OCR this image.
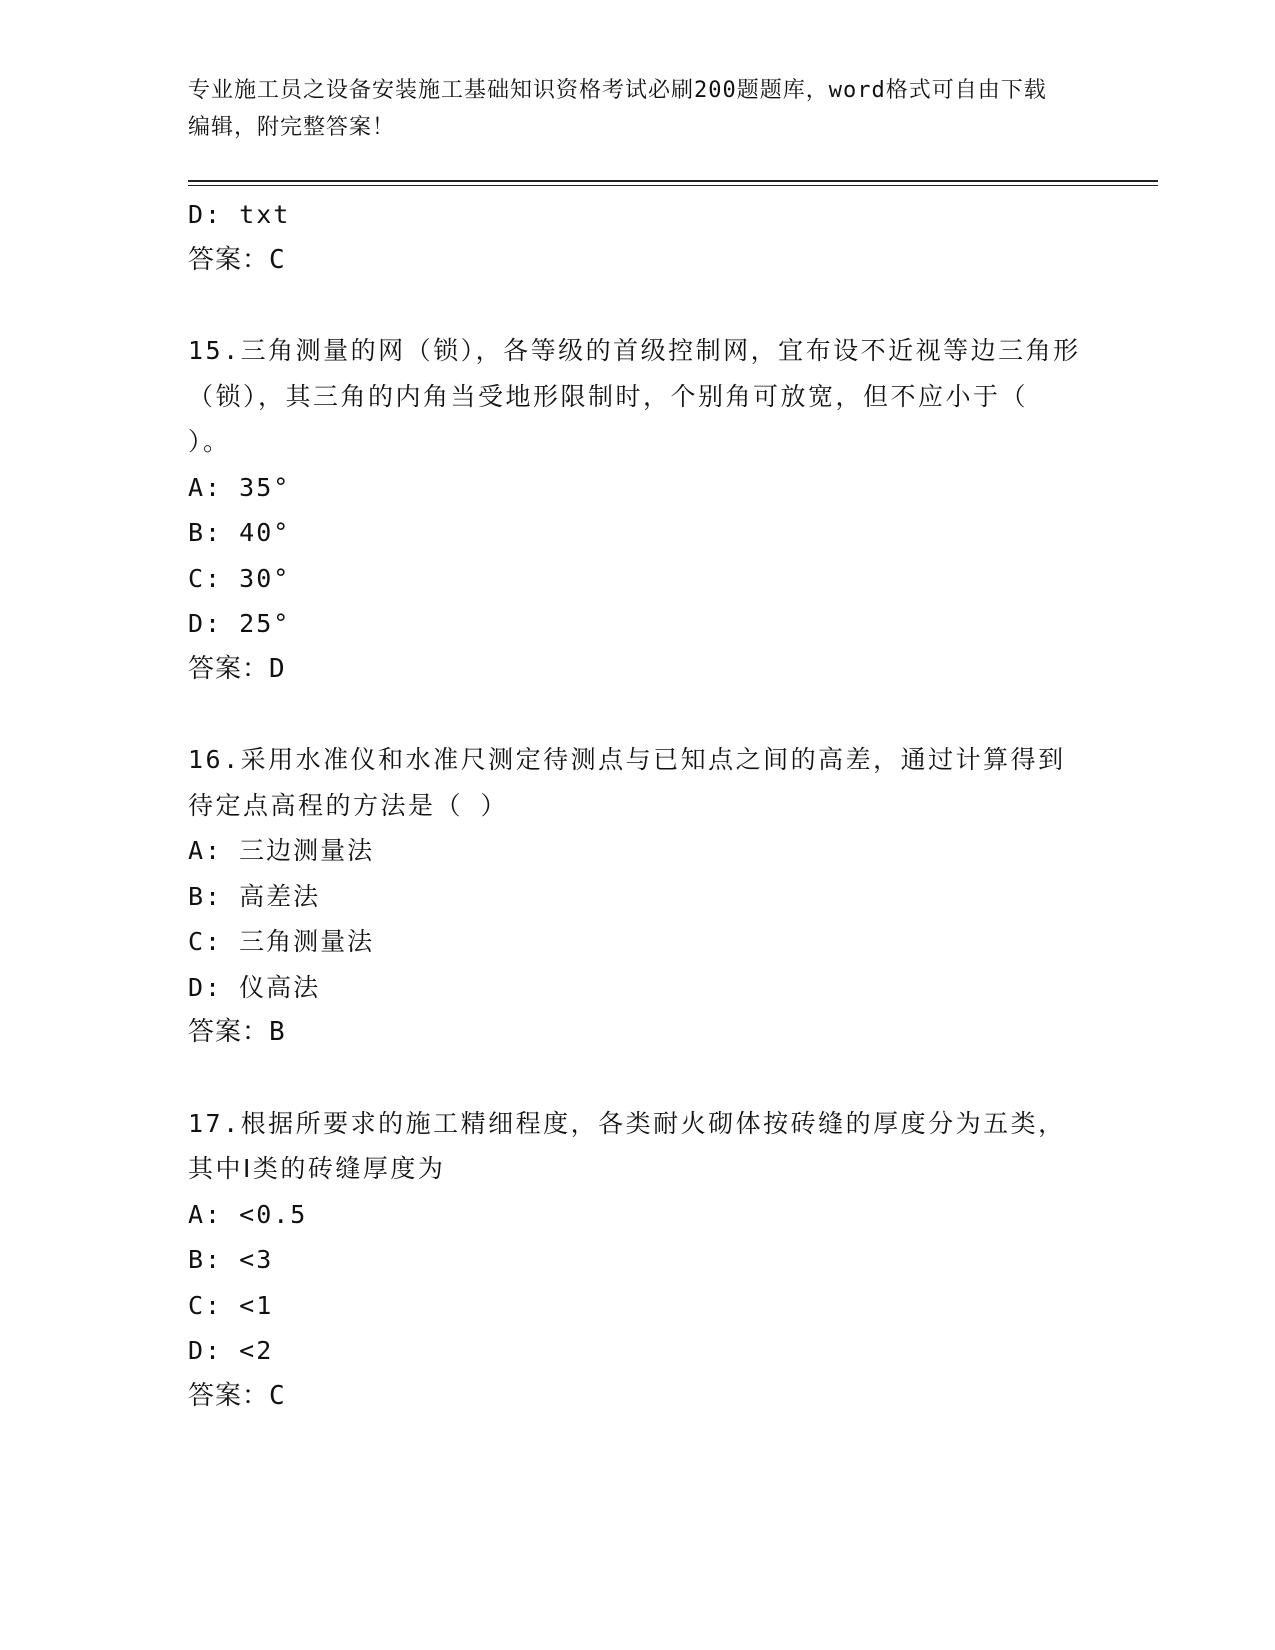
专业施工员之设备安装施工基础知识资格考试必刷200题题库，word格式可自由下载编辑，附完整答案！
D: txt
答案：C
15.三角测量的网（锁），各等级的首级控制网，宜布设不近视等边三角形（锁），其三角的内角当受地形限制时，个别角可放宽，但不应小于（ ）。
A: 35°
B: 40°
C: 30°
D: 25°
答案：D
16.采用水准仪和水准尺测定待测点与已知点之间的高差，通过计算得到待定点高程的方法是（ ）
A: 三边测量法
B: 高差法
C: 三角测量法
D: 仪高法
答案：B
17.根据所要求的施工精细程度，各类耐火砌体按砖缝的厚度分为五类，其中Ⅰ类的砖缝厚度为
A: <0.5
B: <3
C: <1
D: <2
答案：C
